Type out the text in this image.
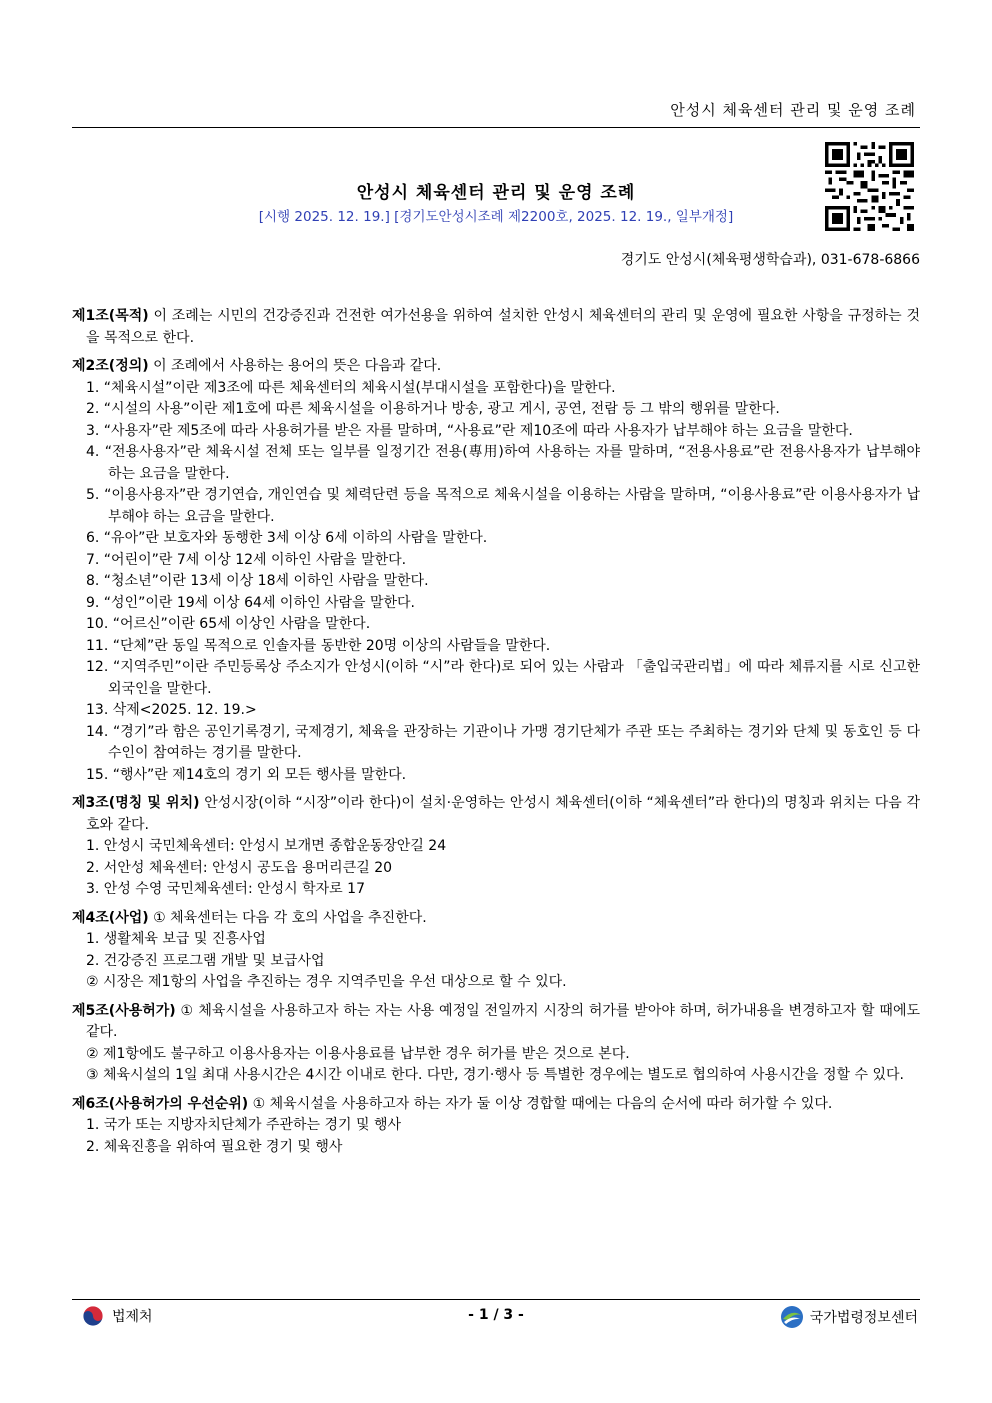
안성시 체육센터 관리 및 운영 조례
안성시 체육센터 관리 및 운영 조례
[시행 2025. 12. 19.] [경기도안성시조례 제2200호, 2025. 12. 19., 일부개정]
경기도 안성시(체육평생학습과), 031-678-6866

제1조(목적) 이 조례는 시민의 건강증진과 건전한 여가선용을 위하여 설치한 안성시 체육센터의 관리 및 운영에 필요한 사항을 규정하는 것을 목적으로 한다.

제2조(정의) 이 조례에서 사용하는 용어의 뜻은 다음과 같다.

1. “체육시설”이란 제3조에 따른 체육센터의 체육시설(부대시설을 포함한다)을 말한다.
2. “시설의 사용”이란 제1호에 따른 체육시설을 이용하거나 방송, 광고 게시, 공연, 전람 등 그 밖의 행위를 말한다.
3. “사용자”란 제5조에 따라 사용허가를 받은 자를 말하며, “사용료”란 제10조에 따라 사용자가 납부해야 하는 요금을 말한다.
4. “전용사용자”란 체육시설 전체 또는 일부를 일정기간 전용(專用)하여 사용하는 자를 말하며, “전용사용료”란 전용사용자가 납부해야 하는 요금을 말한다.
5. “이용사용자”란 경기연습, 개인연습 및 체력단련 등을 목적으로 체육시설을 이용하는 사람을 말하며, “이용사용료”란 이용사용자가 납부해야 하는 요금을 말한다.
6. “유아”란 보호자와 동행한 3세 이상 6세 이하의 사람을 말한다.
7. “어린이”란 7세 이상 12세 이하인 사람을 말한다.
8. “청소년”이란 13세 이상 18세 이하인 사람을 말한다.
9. “성인”이란 19세 이상 64세 이하인 사람을 말한다.
10. “어르신”이란 65세 이상인 사람을 말한다.
11. “단체”란 동일 목적으로 인솔자를 동반한 20명 이상의 사람들을 말한다.
12. “지역주민”이란 주민등록상 주소지가 안성시(이하 “시”라 한다)로 되어 있는 사람과 「출입국관리법」에 따라 체류지를 시로 신고한 외국인을 말한다.
13. 삭제<2025. 12. 19.>
14. “경기”라 함은 공인기록경기, 국제경기, 체육을 관장하는 기관이나 가맹 경기단체가 주관 또는 주최하는 경기와 단체 및 동호인 등 다수인이 참여하는 경기를 말한다.
15. “행사”란 제14호의 경기 외 모든 행사를 말한다.

제3조(명칭 및 위치) 안성시장(이하 “시장”이라 한다)이 설치·운영하는 안성시 체육센터(이하 “체육센터”라 한다)의 명칭과 위치는 다음 각 호와 같다.

1. 안성시 국민체육센터: 안성시 보개면 종합운동장안길 24
2. 서안성 체육센터: 안성시 공도읍 용머리큰길 20
3. 안성 수영 국민체육센터: 안성시 학자로 17

제4조(사업) ① 체육센터는 다음 각 호의 사업을 추진한다.

1. 생활체육 보급 및 진흥사업
2. 건강증진 프로그램 개발 및 보급사업
② 시장은 제1항의 사업을 추진하는 경우 지역주민을 우선 대상으로 할 수 있다.

제5조(사용허가) ① 체육시설을 사용하고자 하는 자는 사용 예정일 전일까지 시장의 허가를 받아야 하며, 허가내용을 변경하고자 할 때에도 같다.

② 제1항에도 불구하고 이용사용자는 이용사용료를 납부한 경우 허가를 받은 것으로 본다.
③ 체육시설의 1일 최대 사용시간은 4시간 이내로 한다. 다만, 경기·행사 등 특별한 경우에는 별도로 협의하여 사용시간을 정할 수 있다.

제6조(사용허가의 우선순위) ① 체육시설을 사용하고자 하는 자가 둘 이상 경합할 때에는 다음의 순서에 따라 허가할 수 있다.

1. 국가 또는 지방자치단체가 주관하는 경기 및 행사
2. 체육진흥을 위하여 필요한 경기 및 행사
법제처	- 1 / 3 -	국가법령정보센터
